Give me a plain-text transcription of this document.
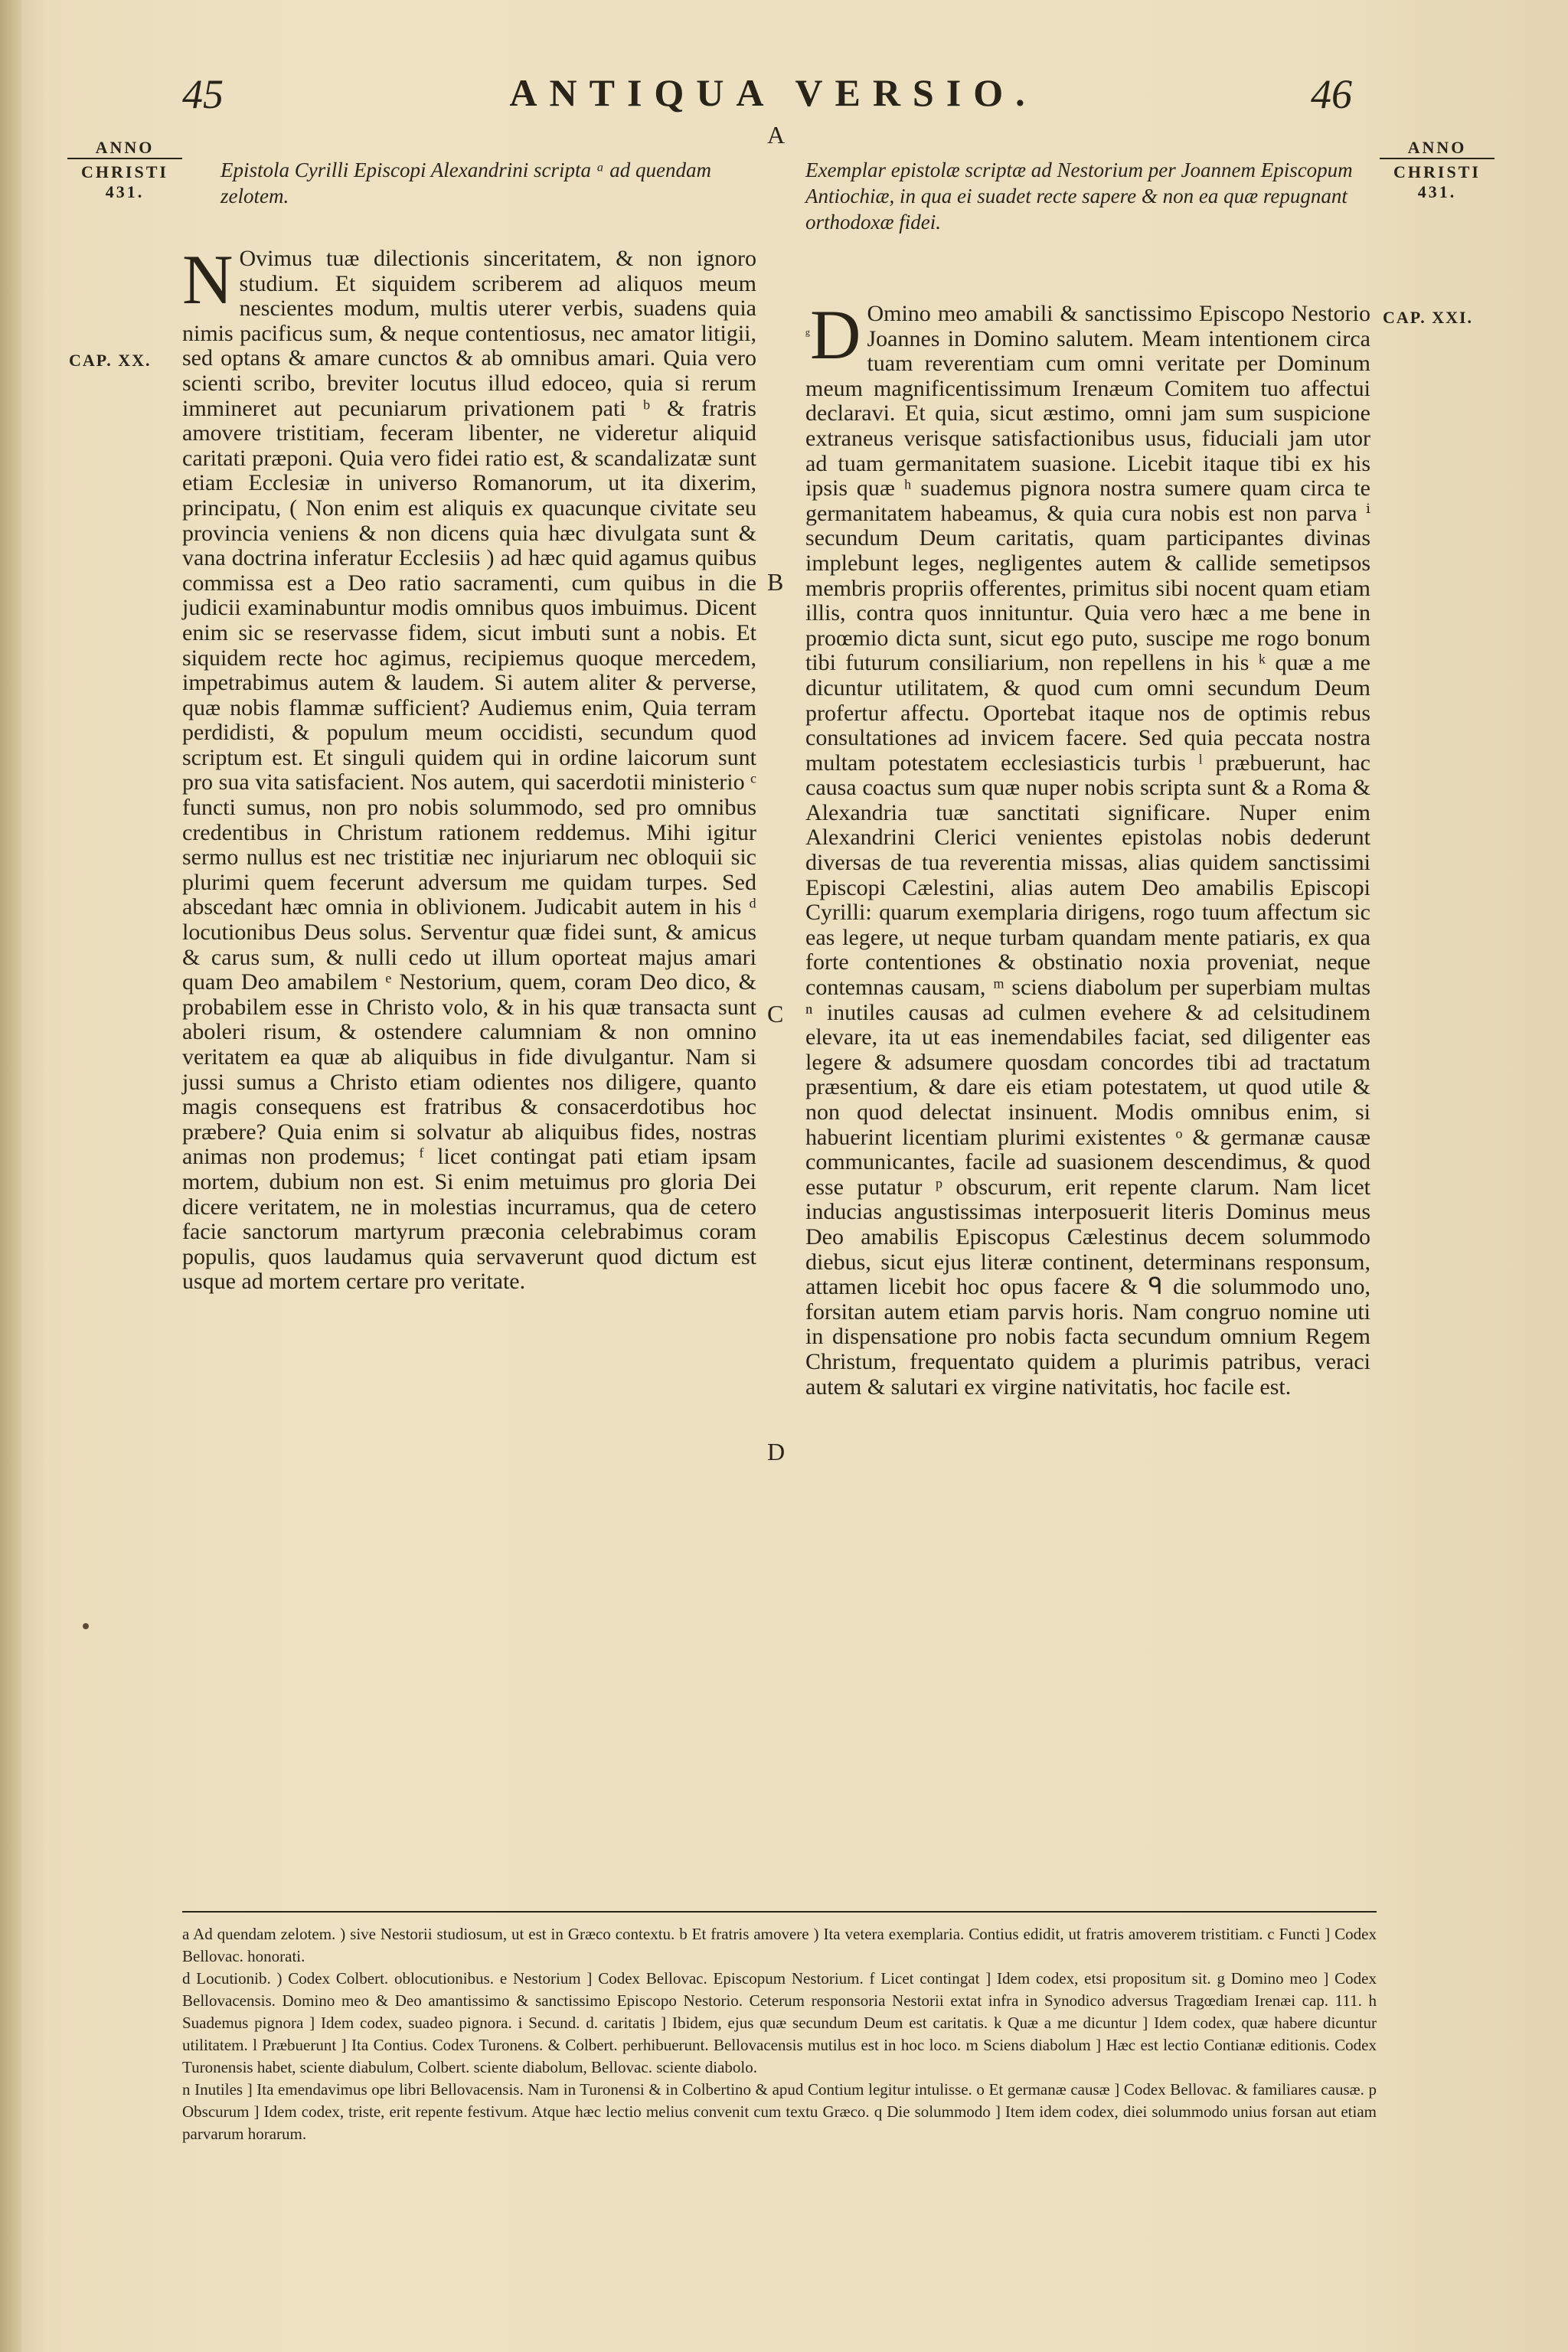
45	ANTIQUA VERSIO.	46
ANNO
CHRISTI
431.
ANNO
CHRISTI
431.
CAP. XX.
CAP. XXI.
A
B
C
D
Epistola Cyrilli Episcopi Alexandrini scripta ᵃ ad quendam zelotem.
Exemplar epistolæ scriptæ ad Nestorium per Joannem Episcopum Antiochiæ, in qua ei suadet recte sapere & non ea quæ repugnant orthodoxæ fidei.

N Ovimus tuæ dilectionis sinceritatem, & non ignoro studium. Et siquidem scriberem ad aliquos meum nescientes modum, multis uterer verbis, suadens quia nimis pacificus sum, & neque contentiosus, nec amator litigii, sed optans & amare cunctos & ab omnibus amari. Quia vero scienti scribo, breviter locutus illud edoceo, quia si rerum immineret aut pecuniarum privationem pati ᵇ & fratris amovere tristitiam, feceram libenter, ne videretur aliquid caritati præponi. Quia vero fidei ratio est, & scandalizatæ sunt etiam Ecclesiæ in universo Romanorum, ut ita dixerim, principatu, ( Non enim est aliquis ex quacunque civitate seu provincia veniens & non dicens quia hæc divulgata sunt & vana doctrina inferatur Ecclesiis ) ad hæc quid agamus quibus commissa est a Deo ratio sacramenti, cum quibus in die judicii examinabuntur modis omnibus quos imbuimus. Dicent enim sic se reservasse fidem, sicut imbuti sunt a nobis. Et siquidem recte hoc agimus, recipiemus quoque mercedem, impetrabimus autem & laudem. Si autem aliter & perverse, quæ nobis flammæ sufficient? Audiemus enim, Quia terram perdidisti, & populum meum occidisti, secundum quod scriptum est. Et singuli quidem qui in ordine laicorum sunt pro sua vita satisfacient. Nos autem, qui sacerdotii ministerio ᶜ functi sumus, non pro nobis solummodo, sed pro omnibus credentibus in Christum rationem reddemus. Mihi igitur sermo nullus est nec tristitiæ nec injuriarum nec obloquii sic plurimi quem fecerunt adversum me quidam turpes. Sed abscedant hæc omnia in oblivionem. Judicabit autem in his ᵈ locutionibus Deus solus. Serventur quæ fidei sunt, & amicus & carus sum, & nulli cedo ut illum oporteat majus amari quam Deo amabilem ᵉ Nestorium, quem, coram Deo dico, & probabilem esse in Christo volo, & in his quæ transacta sunt aboleri risum, & ostendere calumniam & non omnino veritatem ea quæ ab aliquibus in fide divulgantur. Nam si jussi sumus a Christo etiam odientes nos diligere, quanto magis consequens est fratribus & consacerdotibus hoc præbere? Quia enim si solvatur ab aliquibus fides, nostras animas non prodemus; ᶠ licet contingat pati etiam ipsam mortem, dubium non est. Si enim metuimus pro gloria Dei dicere veritatem, ne in molestias incurramus, qua de cetero facie sanctorum martyrum præconia celebrabimus coram populis, quos laudamus quia servaverunt quod dictum est usque ad mortem certare pro veritate.

$^ᵍ$D Omino meo amabili & sanctissimo Episcopo Nestorio Joannes in Domino salutem. Meam intentionem circa tuam reverentiam cum omni veritate per Dominum meum magnificentissimum Irenæum Comitem tuo affectui declaravi. Et quia, sicut æstimo, omni jam sum suspicione extraneus verisque satisfactionibus usus, fiduciali jam utor ad tuam germanitatem suasione. Licebit itaque tibi ex his ipsis quæ ʰ suademus pignora nostra sumere quam circa te germanitatem habeamus, & quia cura nobis est non parva ⁱ secundum Deum caritatis, quam participantes divinas implebunt leges, negligentes autem & callide semetipsos membris propriis offerentes, primitus sibi nocent quam etiam illis, contra quos innituntur. Quia vero hæc a me bene in proœmio dicta sunt, sicut ego puto, suscipe me rogo bonum tibi futurum consiliarium, non repellens in his ᵏ quæ a me dicuntur utilitatem, & quod cum omni secundum Deum profertur affectu. Oportebat itaque nos de optimis rebus consultationes ad invicem facere. Sed quia peccata nostra multam potestatem ecclesiasticis turbis ˡ præbuerunt, hac causa coactus sum quæ nuper nobis scripta sunt & a Roma & Alexandria tuæ sanctitati significare. Nuper enim Alexandrini Clerici venientes epistolas nobis dederunt diversas de tua reverentia missas, alias quidem sanctissimi Episcopi Cælestini, alias autem Deo amabilis Episcopi Cyrilli: quarum exemplaria dirigens, rogo tuum affectum sic eas legere, ut neque turbam quandam mente patiaris, ex qua forte contentiones & obstinatio noxia proveniat, neque contemnas causam, ᵐ sciens diabolum per superbiam multas ⁿ inutiles causas ad culmen evehere & ad celsitudinem elevare, ita ut eas inemendabiles faciat, sed diligenter eas legere & adsumere quosdam concordes tibi ad tractatum præsentium, & dare eis etiam potestatem, ut quod utile & non quod delectat insinuent. Modis omnibus enim, si habuerint licentiam plurimi existentes ᵒ & germanæ causæ communicantes, facile ad suasionem descendimus, & quod esse putatur ᵖ obscurum, erit repente clarum. Nam licet inducias angustissimas interposuerit literis Dominus meus Deo amabilis Episcopus Cælestinus decem solummodo diebus, sicut ejus literæ continent, determinans responsum, attamen licebit hoc opus facere & ᑫ die solummodo uno, forsitan autem etiam parvis horis. Nam congruo nomine uti in dispensatione pro nobis facta secundum omnium Regem Christum, frequentato quidem a plurimis patribus, veraci autem & salutari ex virgine nativitatis, hoc facile est.

a Ad quendam zelotem. ) sive Nestorii studiosum, ut est in Græco contextu. b Et fratris amovere ) Ita vetera exemplaria. Contius edidit, ut fratris amoverem tristitiam. c Functi ] Codex Bellovac. honorati.

d Locutionib. ) Codex Colbert. oblocutionibus. e Nestorium ] Codex Bellovac. Episcopum Nestorium. f Licet contingat ] Idem codex, etsi propositum sit. g Domino meo ] Codex Bellovacensis. Domino meo & Deo amantissimo & sanctissimo Episcopo Nestorio. Ceterum responsoria Nestorii extat infra in Synodico adversus Tragœdiam Irenæi cap. 111. h Suademus pignora ] Idem codex, suadeo pignora. i Secund. d. caritatis ] Ibidem, ejus quæ secundum Deum est caritatis. k Quæ a me dicuntur ] Idem codex, quæ habere dicuntur utilitatem. l Præbuerunt ] Ita Contius. Codex Turonens. & Colbert. perhibuerunt. Bellovacensis mutilus est in hoc loco. m Sciens diabolum ] Hæc est lectio Contianæ editionis. Codex Turonensis habet, sciente diabulum, Colbert. sciente diabolum, Bellovac. sciente diabolo.

n Inutiles ] Ita emendavimus ope libri Bellovacensis. Nam in Turonensi & in Colbertino & apud Contium legitur intulisse. o Et germanæ causæ ] Codex Bellovac. & familiares causæ. p Obscurum ] Idem codex, triste, erit repente festivum. Atque hæc lectio melius convenit cum textu Græco. q Die solummodo ] Item idem codex, diei solummodo unius forsan aut etiam parvarum horarum.
